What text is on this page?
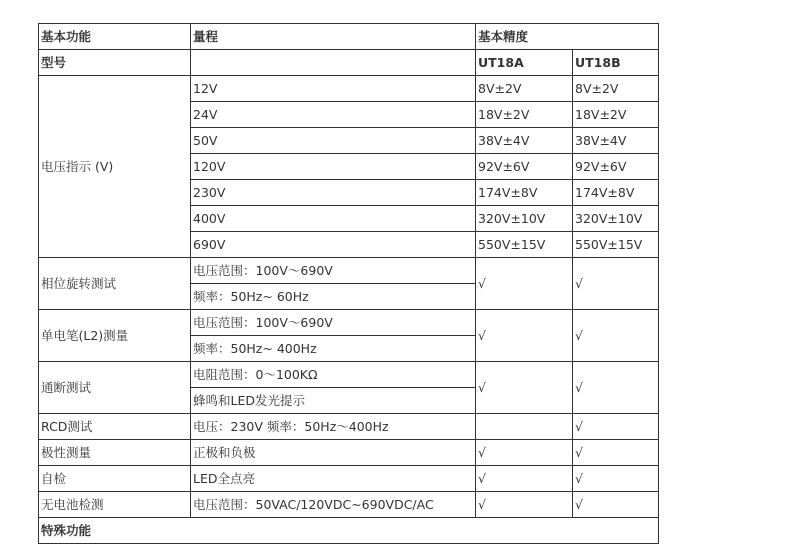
基本功能	量程	基本精度	
型号		UT18A	UT18B
电压指示 (V)	12V	8V±2V	8V±2V
	24V	18V±2V	18V±2V
	50V	38V±4V	38V±4V
	120V	92V±6V	92V±6V
	230V	174V±8V	174V±8V
	400V	320V±10V	320V±10V
	690V	550V±15V	550V±15V
相位旋转测试	电压范围：100V～690V	√	√
	频率：50Hz~ 60Hz		
单电笔(L2)测量	电压范围：100V～690V	√	√
	频率：50Hz~ 400Hz		
通断测试	电阻范围：0～100KΩ	√	√
	蜂鸣和LED发光提示		
RCD测试	电压：230V 频率：50Hz～400Hz		√
极性测量	正极和负极	√	√
自检	LED全点亮	√	√
无电池检测	电压范围：50VAC/120VDC~690VDC/AC	√	√
特殊功能			
